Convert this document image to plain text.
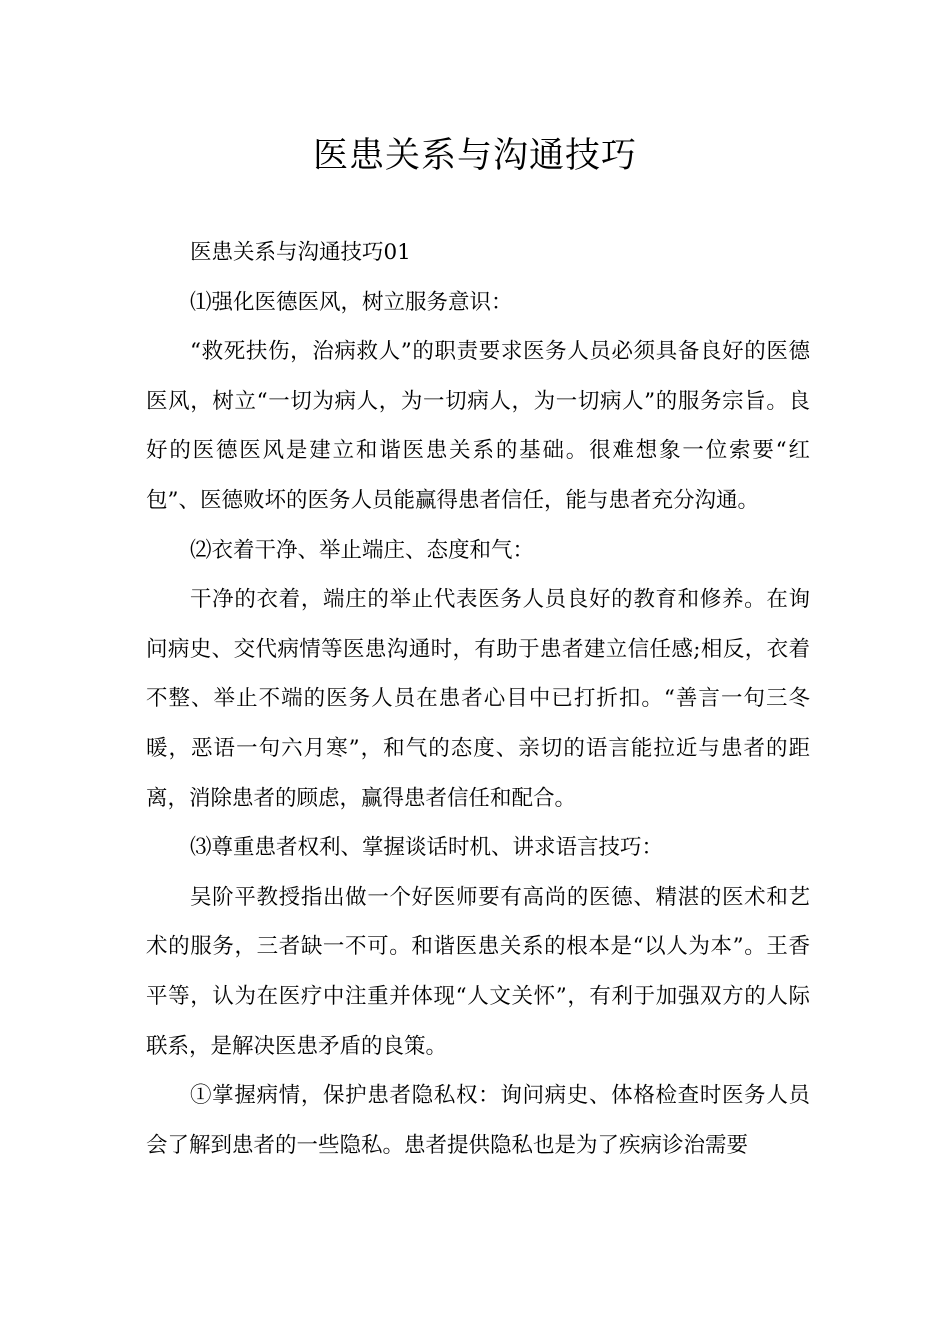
医患关系与沟通技巧

医患关系与沟通技巧01

⑴强化医德医风，树立服务意识：

“救死扶伤，治病救人”的职责要求医务人员必须具备良好的医德医风，树立“一切为病人，为一切病人，为一切病人”的服务宗旨。良好的医德医风是建立和谐医患关系的基础。很难想象一位索要“红包”、医德败坏的医务人员能赢得患者信任，能与患者充分沟通。

⑵衣着干净、举止端庄、态度和气：

干净的衣着，端庄的举止代表医务人员良好的教育和修养。在询问病史、交代病情等医患沟通时，有助于患者建立信任感;相反，衣着不整、举止不端的医务人员在患者心目中已打折扣。“善言一句三冬暖，恶语一句六月寒”，和气的态度、亲切的语言能拉近与患者的距离，消除患者的顾虑，赢得患者信任和配合。

⑶尊重患者权利、掌握谈话时机、讲求语言技巧：

吴阶平教授指出做一个好医师要有高尚的医德、精湛的医术和艺术的服务，三者缺一不可。和谐医患关系的根本是“以人为本”。王香平等，认为在医疗中注重并体现“人文关怀”，有利于加强双方的人际联系，是解决医患矛盾的良策。

①掌握病情，保护患者隐私权：询问病史、体格检查时医务人员会了解到患者的一些隐私。患者提供隐私也是为了疾病诊治需要
